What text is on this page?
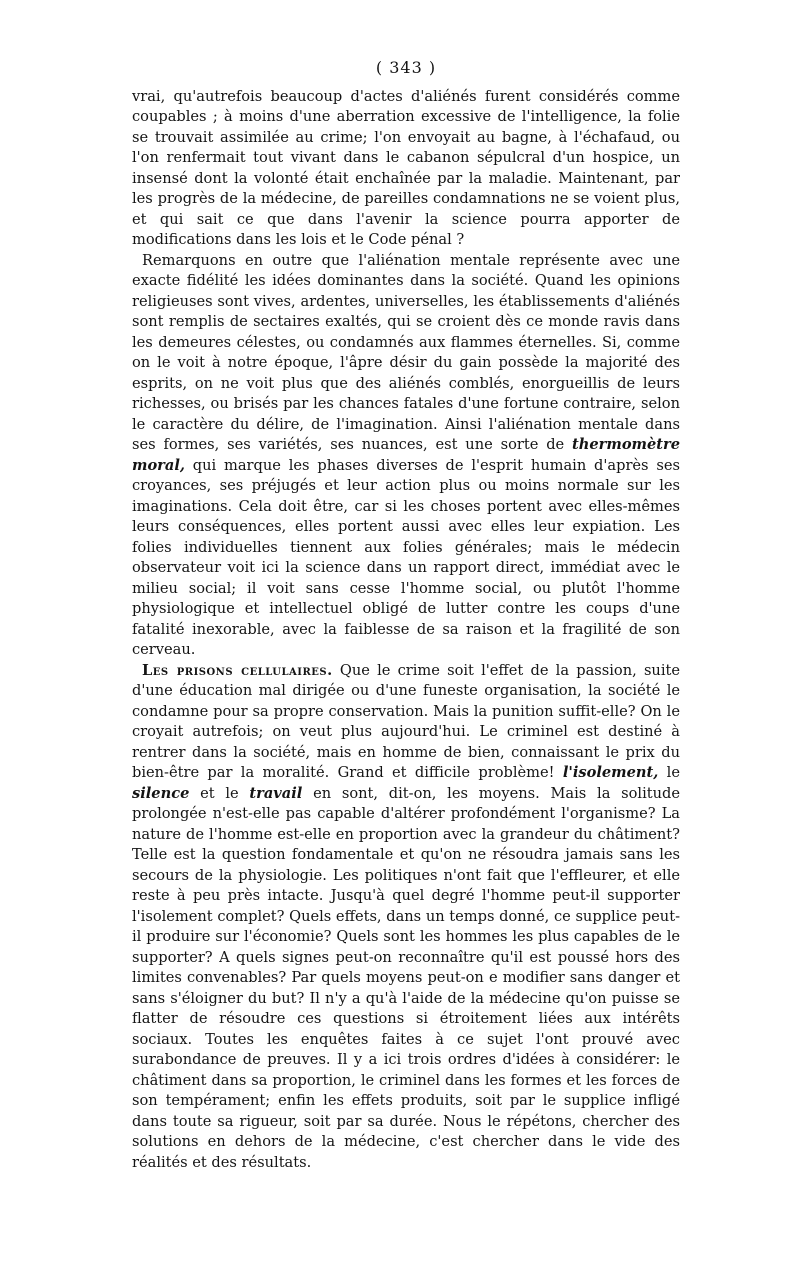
( 343 )

vrai, qu'autrefois beaucoup d'actes d'aliénés furent considérés comme coupables ; à moins d'une aberration excessive de l'intelligence, la folie se trouvait assimilée au crime; l'on envoyait au bagne, à l'échafaud, ou l'on renfermait tout vivant dans le cabanon sépulcral d'un hospice, un insensé dont la volonté était enchaînée par la maladie. Maintenant, par les progrès de la médecine, de pareilles condamnations ne se voient plus, et qui sait ce que dans l'avenir la science pourra apporter de modifications dans les lois et le Code pénal ?

Remarquons en outre que l'aliénation mentale représente avec une exacte fidélité les idées dominantes dans la société. Quand les opinions religieuses sont vives, ardentes, universelles, les établissements d'aliénés sont remplis de sectaires exaltés, qui se croient dès ce monde ravis dans les demeures célestes, ou condamnés aux flammes éternelles. Si, comme on le voit à notre époque, l'âpre désir du gain possède la majorité des esprits, on ne voit plus que des aliénés comblés, enorgueillis de leurs richesses, ou brisés par les chances fatales d'une fortune contraire, selon le caractère du délire, de l'imagination. Ainsi l'aliénation mentale dans ses formes, ses variétés, ses nuances, est une sorte de thermomètre moral, qui marque les phases diverses de l'esprit humain d'après ses croyances, ses préjugés et leur action plus ou moins normale sur les imaginations. Cela doit être, car si les choses portent avec elles-mêmes leurs conséquences, elles portent aussi avec elles leur expiation. Les folies individuelles tiennent aux folies générales; mais le médecin observateur voit ici la science dans un rapport direct, immédiat avec le milieu social; il voit sans cesse l'homme social, ou plutôt l'homme physiologique et intellectuel obligé de lutter contre les coups d'une fatalité inexorable, avec la faiblesse de sa raison et la fragilité de son cerveau.

Les prisons cellulaires. Que le crime soit l'effet de la passion, suite d'une éducation mal dirigée ou d'une funeste organisation, la société le condamne pour sa propre conservation. Mais la punition suffit-elle? On le croyait autrefois; on veut plus aujourd'hui. Le criminel est destiné à rentrer dans la société, mais en homme de bien, connaissant le prix du bien-être par la moralité. Grand et difficile problème! l'isolement, le silence et le travail en sont, dit-on, les moyens. Mais la solitude prolongée n'est-elle pas capable d'altérer profondément l'organisme? La nature de l'homme est-elle en proportion avec la grandeur du châtiment? Telle est la question fondamentale et qu'on ne résoudra jamais sans les secours de la physiologie. Les politiques n'ont fait que l'effleurer, et elle reste à peu près intacte. Jusqu'à quel degré l'homme peut-il supporter l'isolement complet? Quels effets, dans un temps donné, ce supplice peut-il produire sur l'économie? Quels sont les hommes les plus capables de le supporter? A quels signes peut-on reconnaître qu'il est poussé hors des limites convenables? Par quels moyens peut-on e modifier sans danger et sans s'éloigner du but? Il n'y a qu'à l'aide de la médecine qu'on puisse se flatter de résoudre ces questions si étroitement liées aux intérêts sociaux. Toutes les enquêtes faites à ce sujet l'ont prouvé avec surabondance de preuves. Il y a ici trois ordres d'idées à considérer: le châtiment dans sa proportion, le criminel dans les formes et les forces de son tempérament; enfin les effets produits, soit par le supplice infligé dans toute sa rigueur, soit par sa durée. Nous le répétons, chercher des solutions en dehors de la médecine, c'est chercher dans le vide des réalités et des résultats.
